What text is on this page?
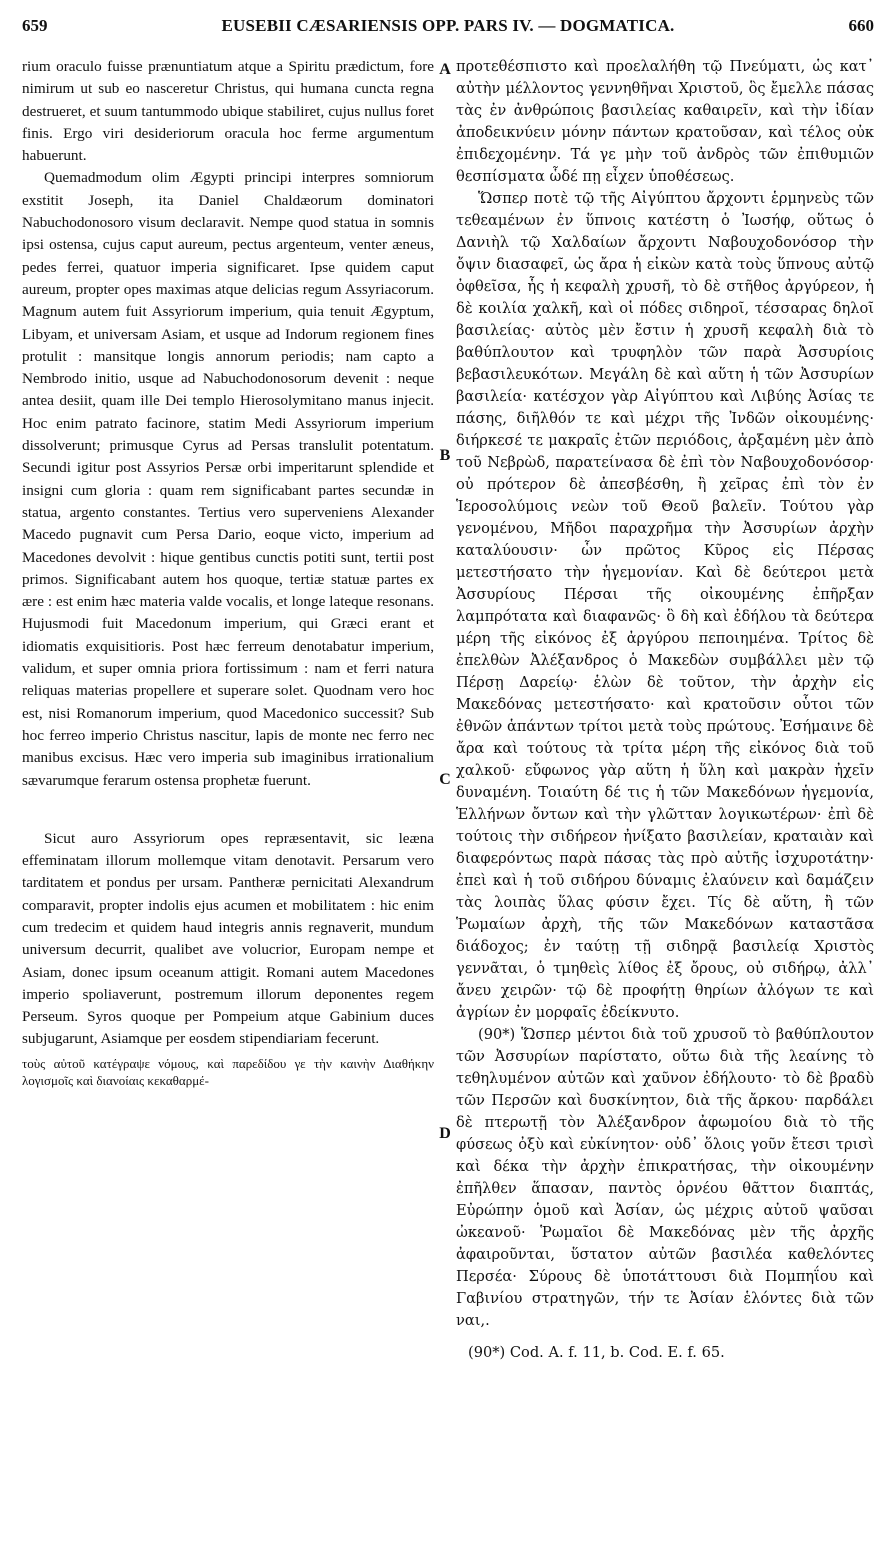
659	EUSEBII CÆSARIENSIS OPP. PARS IV. — DOGMATICA.	660

rium oraculo fuisse prænuntiatum atque a Spiritu prædictum, fore nimirum ut sub eo nasceretur Christus, qui humana cuncta regna destrueret, et suum tantummodo ubique stabiliret, cujus nullus foret finis. Ergo viri desideriorum oracula hoc ferme argumentum habuerunt.

Quemadmodum olim Ægypti principi interpres somniorum exstitit Joseph, ita Daniel Chaldæorum dominatori Nabuchodonosoro visum declaravit. Nempe quod statua in somnis ipsi ostensa, cujus caput aureum, pectus argenteum, venter æneus, pedes ferrei, quatuor imperia significaret. Ipse quidem caput aureum, propter opes maximas atque delicias regum Assyriacorum. Magnum autem fuit Assyriorum imperium, quia tenuit Ægyptum, Libyam, et universam Asiam, et usque ad Indorum regionem fines protulit : mansitque longis annorum periodis; nam capto a Nembrodo initio, usque ad Nabuchodonosorum devenit : neque antea desiit, quam ille Dei templo Hierosolymitano manus injecit. Hoc enim patrato facinore, statim Medi Assyriorum imperium dissolverunt; primusque Cyrus ad Persas translulit potentatum. Secundi igitur post Assyrios Persæ orbi imperitarunt splendide et insigni cum gloria : quam rem significabant partes secundæ in statua, argento constantes. Tertius vero superveniens Alexander Macedo pugnavit cum Persa Dario, eoque victo, imperium ad Macedones devolvit : hique gentibus cunctis potiti sunt, tertii post primos. Significabant autem hos quoque, tertiæ statuæ partes ex ære : est enim hæc materia valde vocalis, et longe lateque resonans. Hujusmodi fuit Macedonum imperium, qui Græci erant et idiomatis exquisitioris. Post hæc ferreum denotabatur imperium, validum, et super omnia priora fortissimum : nam et ferri natura reliquas materias propellere et superare solet. Quodnam vero hoc est, nisi Romanorum imperium, quod Macedonico successit? Sub hoc ferreo imperio Christus nascitur, lapis de monte nec ferro nec manibus excisus. Hæc vero imperia sub imaginibus irrationalium sævarumque ferarum ostensa prophetæ fuerunt.

Sicut auro Assyriorum opes repræsentavit, sic leæna effeminatam illorum mollemque vitam denotavit. Persarum vero tarditatem et pondus per ursam. Pantheræ pernicitati Alexandrum comparavit, propter indolis ejus acumen et mobilitatem : hic enim cum tredecim et quidem haud integris annis regnaverit, mundum universum decurrit, qualibet ave volucrior, Europam nempe et Asiam, donec ipsum oceanum attigit. Romani autem Macedones imperio spoliaverunt, postremum illorum deponentes regem Perseum. Syros quoque per Pompeium atque Gabinium duces subjugarunt, Asiamque per eosdem stipendiariam fecerunt.

τοὺς αὐτοῦ κατέγραψε νόμους, καὶ παρεδίδου γε τὴν καινὴν Διαθήκην λογισμοῖς καὶ διανοίαις κεκαθαρμέ-

A
B
C
D

προτεθέσπιστο καὶ προελαλήθη τῷ Πνεύματι, ὡς κατ᾽ αὐτὴν μέλλοντος γεννηθῆναι Χριστοῦ, ὃς ἔμελλε πάσας τὰς ἐν ἀνθρώποις βασιλείας καθαιρεῖν, καὶ τὴν ἰδίαν ἀποδεικνύειν μόνην πάντων κρατοῦσαν, καὶ τέλος οὐκ ἐπιδεχομένην. Τά γε μὴν τοῦ ἀνδρὸς τῶν ἐπιθυμιῶν θεσπίσματα ὧδέ πῃ εἶχεν ὑποθέσεως.

Ὥσπερ ποτὲ τῷ τῆς Αἰγύπτου ἄρχοντι ἑρμηνεὺς τῶν τεθεαμένων ἐν ὕπνοις κατέστη ὁ Ἰωσήφ, οὕτως ὁ Δανιὴλ τῷ Χαλδαίων ἄρχοντι Ναβουχοδονόσορ τὴν ὄψιν διασαφεῖ, ὡς ἄρα ἡ εἰκὼν κατὰ τοὺς ὕπνους αὐτῷ ὀφθεῖσα, ἧς ἡ κεφαλὴ χρυσῆ, τὸ δὲ στῆθος ἀργύρεον, ἡ δὲ κοιλία χαλκῆ, καὶ οἱ πόδες σιδηροῖ, τέσσαρας δηλοῖ βασιλείας· αὐτὸς μὲν ἔστιν ἡ χρυσῆ κεφαλὴ διὰ τὸ βαθύπλουτον καὶ τρυφηλὸν τῶν παρὰ Ἀσσυρίοις βεβασιλευκότων. Μεγάλη δὲ καὶ αὕτη ἡ τῶν Ἀσσυρίων βασιλεία· κατέσχον γὰρ Αἰγύπτου καὶ Λιβύης Ἀσίας τε πάσης, διῆλθόν τε καὶ μέχρι τῆς Ἰνδῶν οἰκουμένης· διήρκεσέ τε μακραῖς ἐτῶν περιόδοις, ἀρξαμένη μὲν ἀπὸ τοῦ Νεβρὼδ, παρατείνασα δὲ ἐπὶ τὸν Ναβουχοδονόσορ· οὐ πρότερον δὲ ἀπεσβέσθη, ἢ χεῖρας ἐπὶ τὸν ἐν Ἱεροσολύμοις νεὼν τοῦ Θεοῦ βαλεῖν. Τούτου γὰρ γενομένου, Μῆδοι παραχρῆμα τὴν Ἀσσυρίων ἀρχὴν καταλύουσιν· ὧν πρῶτος Κῦρος εἰς Πέρσας μετεστήσατο τὴν ἡγεμονίαν. Καὶ δὲ δεύτεροι μετὰ Ἀσσυρίους Πέρσαι τῆς οἰκουμένης ἐπῆρξαν λαμπρότατα καὶ διαφανῶς· ὃ δὴ καὶ ἐδήλου τὰ δεύτερα μέρη τῆς εἰκόνος ἐξ ἀργύρου πεποιημένα. Τρίτος δὲ ἐπελθὼν Ἀλέξανδρος ὁ Μακεδὼν συμβάλλει μὲν τῷ Πέρσῃ Δαρείῳ· ἑλὼν δὲ τοῦτον, τὴν ἀρχὴν εἰς Μακεδόνας μετεστήσατο· καὶ κρατοῦσιν οὗτοι τῶν ἐθνῶν ἁπάντων τρίτοι μετὰ τοὺς πρώτους. Ἐσήμαινε δὲ ἄρα καὶ τούτους τὰ τρίτα μέρη τῆς εἰκόνος διὰ τοῦ χαλκοῦ· εὔφωνος γὰρ αὕτη ἡ ὕλη καὶ μακρὰν ἠχεῖν δυναμένη. Τοιαύτη δέ τις ἡ τῶν Μακεδόνων ἡγεμονία, Ἑλλήνων ὄντων καὶ τὴν γλῶτταν λογικωτέρων· ἐπὶ δὲ τούτοις τὴν σιδήρεον ἠνίξατο βασιλείαν, κραταιὰν καὶ διαφερόντως παρὰ πάσας τὰς πρὸ αὐτῆς ἰσχυροτάτην· ἐπεὶ καὶ ἡ τοῦ σιδήρου δύναμις ἐλαύνειν καὶ δαμάζειν τὰς λοιπὰς ὕλας φύσιν ἔχει. Τίς δὲ αὕτη, ἢ τῶν Ῥωμαίων ἀρχὴ, τῆς τῶν Μακεδόνων καταστᾶσα διάδοχος; ἐν ταύτῃ τῇ σιδηρᾷ βασιλείᾳ Χριστὸς γεννᾶται, ὁ τμηθεὶς λίθος ἐξ ὄρους, οὐ σιδήρῳ, ἀλλ᾽ ἄνευ χειρῶν· τῷ δὲ προφήτῃ θηρίων ἀλόγων τε καὶ ἀγρίων ἐν μορφαῖς ἐδείκνυτο.

(90*) Ὥσπερ μέντοι διὰ τοῦ χρυσοῦ τὸ βαθύπλουτον τῶν Ἀσσυρίων παρίστατο, οὕτω διὰ τῆς λεαίνης τὸ τεθηλυμένον αὐτῶν καὶ χαῦνον ἐδήλουτο· τὸ δὲ βραδὺ τῶν Περσῶν καὶ δυσκίνητον, διὰ τῆς ἄρκου· παρδάλει δὲ πτερωτῇ τὸν Ἀλέξανδρον ἀφωμοίου διὰ τὸ τῆς φύσεως ὀξὺ καὶ εὐκίνητον· οὐδ᾽ ὅλοις γοῦν ἔτεσι τρισὶ καὶ δέκα τὴν ἀρχὴν ἐπικρατήσας, τὴν οἰκουμένην ἐπῆλθεν ἅπασαν, παντὸς ὀρνέου θᾶττον διαπτάς, Εὐρώπην ὁμοῦ καὶ Ἀσίαν, ὡς μέχρις αὐτοῦ ψαῦσαι ὠκεανοῦ· Ῥωμαῖοι δὲ Μακεδόνας μὲν τῆς ἀρχῆς ἀφαιροῦνται, ὕστατον αὐτῶν βασιλέα καθελόντες Περσέα· Σύρους δὲ ὑποτάττουσι διὰ Πομπηΐου καὶ Γαβινίου στρατηγῶν, τήν τε Ἀσίαν ἑλόντες διὰ τῶν ναι,.

(90*) Cod. A. f. 11, b. Cod. E. f. 65.
